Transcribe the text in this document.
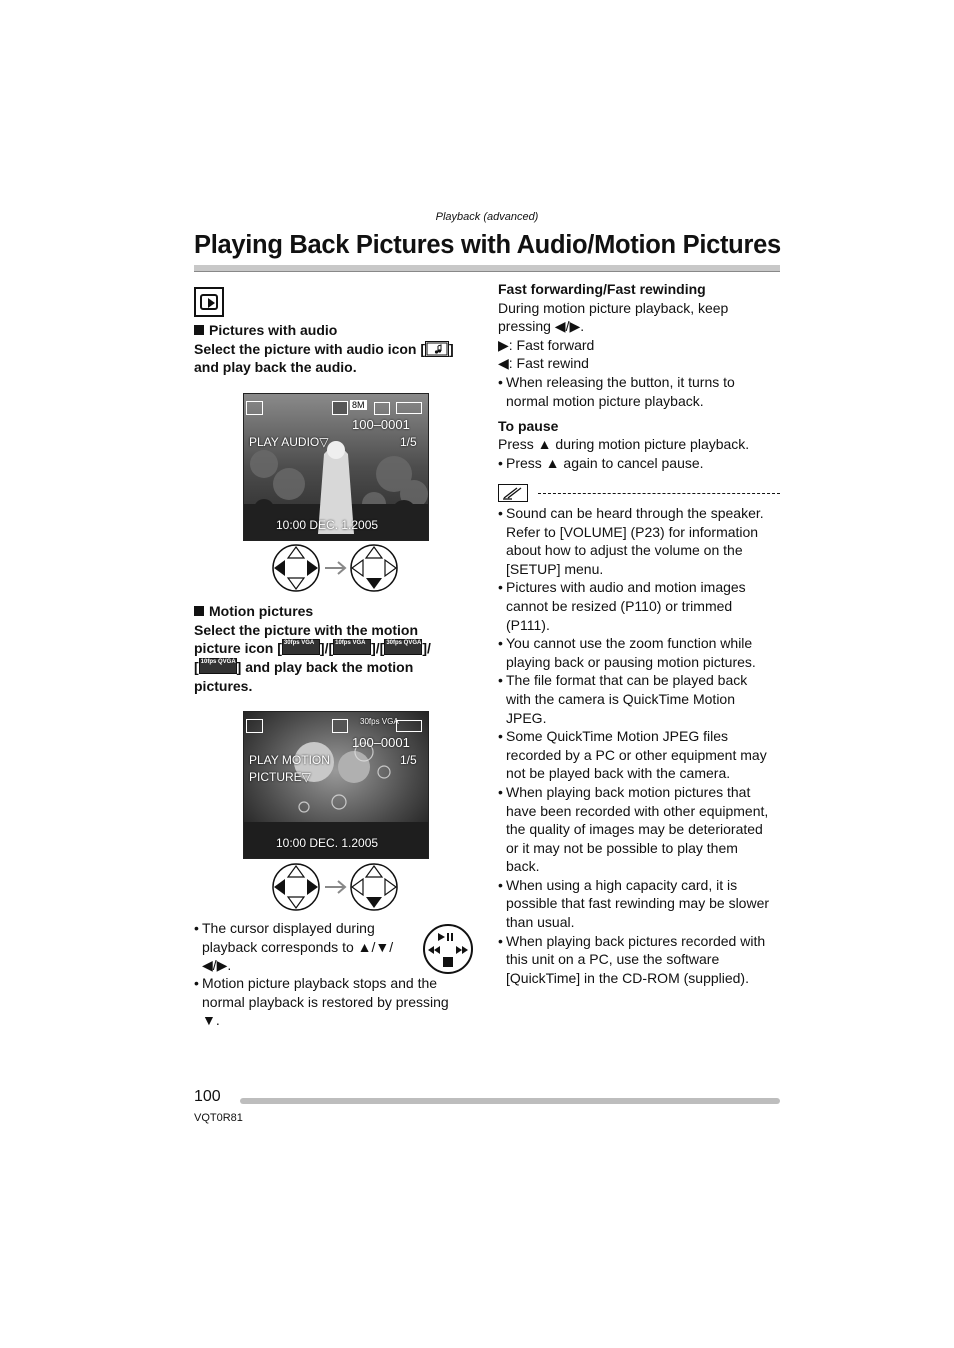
Playback (advanced)
Playing Back Pictures with Audio/Motion Pictures
Pictures with audio
Select the picture with audio icon [ ]
and play back the audio.
8M
100–0001
PLAY AUDIO▽	1/5
10:00 DEC. 1.2005
Motion pictures
Select the picture with the motion
picture icon [ 30fps VGA ]/[ 10fps VGA ]/[ 30fps QVGA ]/
[ 10fps QVGA ] and play back the motion
pictures.
30fps VGA
100–0001
PLAY MOTION
PICTURE▽
1/5
10:00 DEC. 1.2005
• The cursor displayed during
playback corresponds to ▲/▼/
◀/▶.
• Motion picture playback stops and the
normal playback is restored by pressing
▼.
Fast forwarding/Fast rewinding
During motion picture playback, keep
pressing ◀/▶.
▶: Fast forward
◀: Fast rewind
• When releasing the button, it turns to
normal motion picture playback.
To pause
Press ▲ during motion picture playback.
• Press ▲ again to cancel pause.
• Sound can be heard through the speaker.
Refer to [VOLUME] (P23) for information
about how to adjust the volume on the
[SETUP] menu.
• Pictures with audio and motion images
cannot be resized (P110) or trimmed
(P111).
• You cannot use the zoom function while
playing back or pausing motion pictures.
• The file format that can be played back
with the camera is QuickTime Motion
JPEG.
• Some QuickTime Motion JPEG files
recorded by a PC or other equipment may
not be played back with the camera.
• When playing back motion pictures that
have been recorded with other equipment,
the quality of images may be deteriorated
or it may not be possible to play them
back.
• When using a high capacity card, it is
possible that fast rewinding may be slower
than usual.
• When playing back pictures recorded with
this unit on a PC, use the software
[QuickTime] in the CD-ROM (supplied).
100
VQT0R81
